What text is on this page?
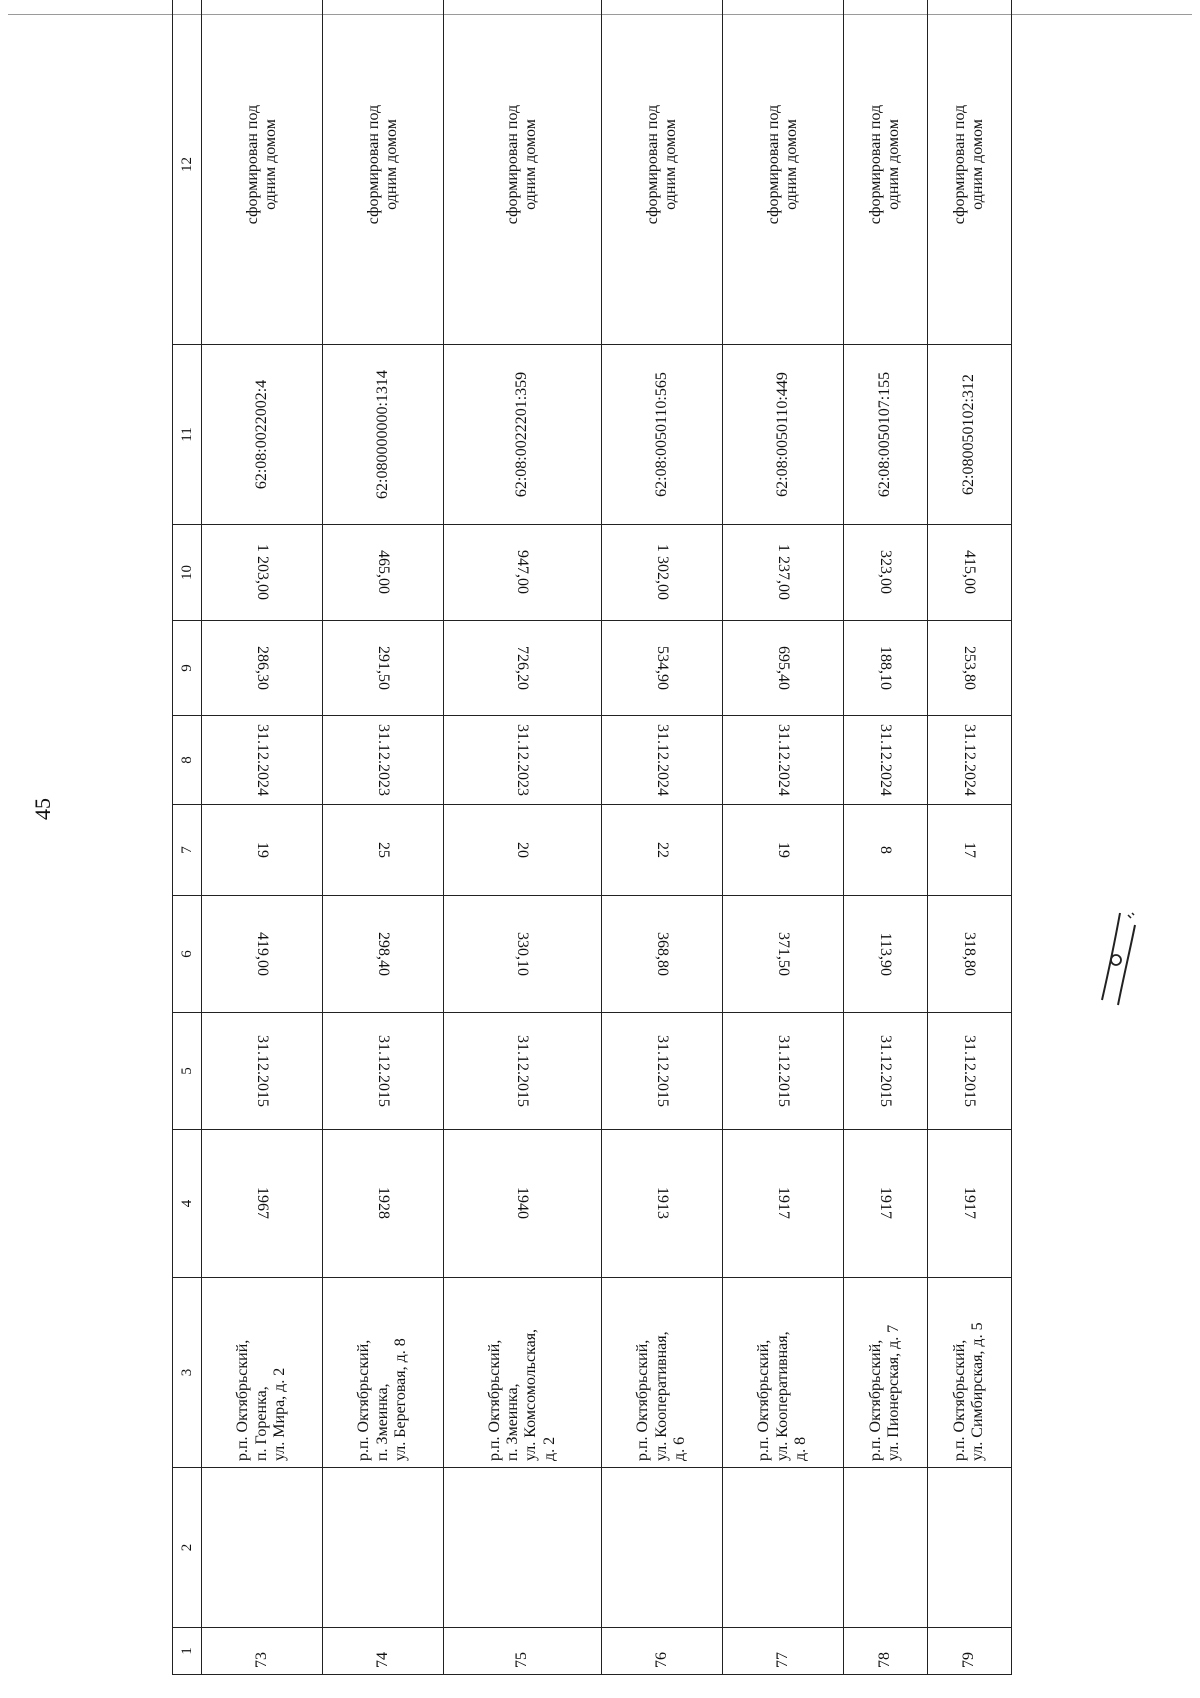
45
1	2	3	4	5	6	7	8	9	10	11	12
73		р.п. Октябрьский, п. Горенка, ул. Мира, д. 2	1967	31.12.2015	419,00	19	31.12.2024	286,30	1 203,00	62:08:0022002:4	сформирован под одним домом

74		р.п. Октябрьский, п. Змеинка, ул. Береговая, д. 8	1928	31.12.2015	298,40	25	31.12.2023	291,50	465,00	62:080000000:1314	сформирован под одним домом

75		р.п. Октябрьский, п. Змеинка, ул. Комсомольская, д. 2	1940	31.12.2015	330,10	20	31.12.2023	726,20	947,00	62:08:0022201:359	сформирован под одним домом

76		р.п. Октябрьский, ул. Кооперативная, д. 6	1913	31.12.2015	368,80	22	31.12.2024	534,90	1 302,00	62:08:0050110:565	сформирован под одним домом

77		р.п. Октябрьский, ул. Кооперативная, д. 8	1917	31.12.2015	371,50	19	31.12.2024	695,40	1 237,00	62:08:0050110:449	сформирован под одним домом

78		р.п. Октябрьский, ул. Пионерская, д. 7	1917	31.12.2015	113,90	8	31.12.2024	188,10	323,00	62:08:0050107:155	сформирован под одним домом

79		р.п. Октябрьский, ул. Симбирская, д. 5	1917	31.12.2015	318,80	17	31.12.2024	253,80	415,00	62:080050102:312	сформирован под одним домом
